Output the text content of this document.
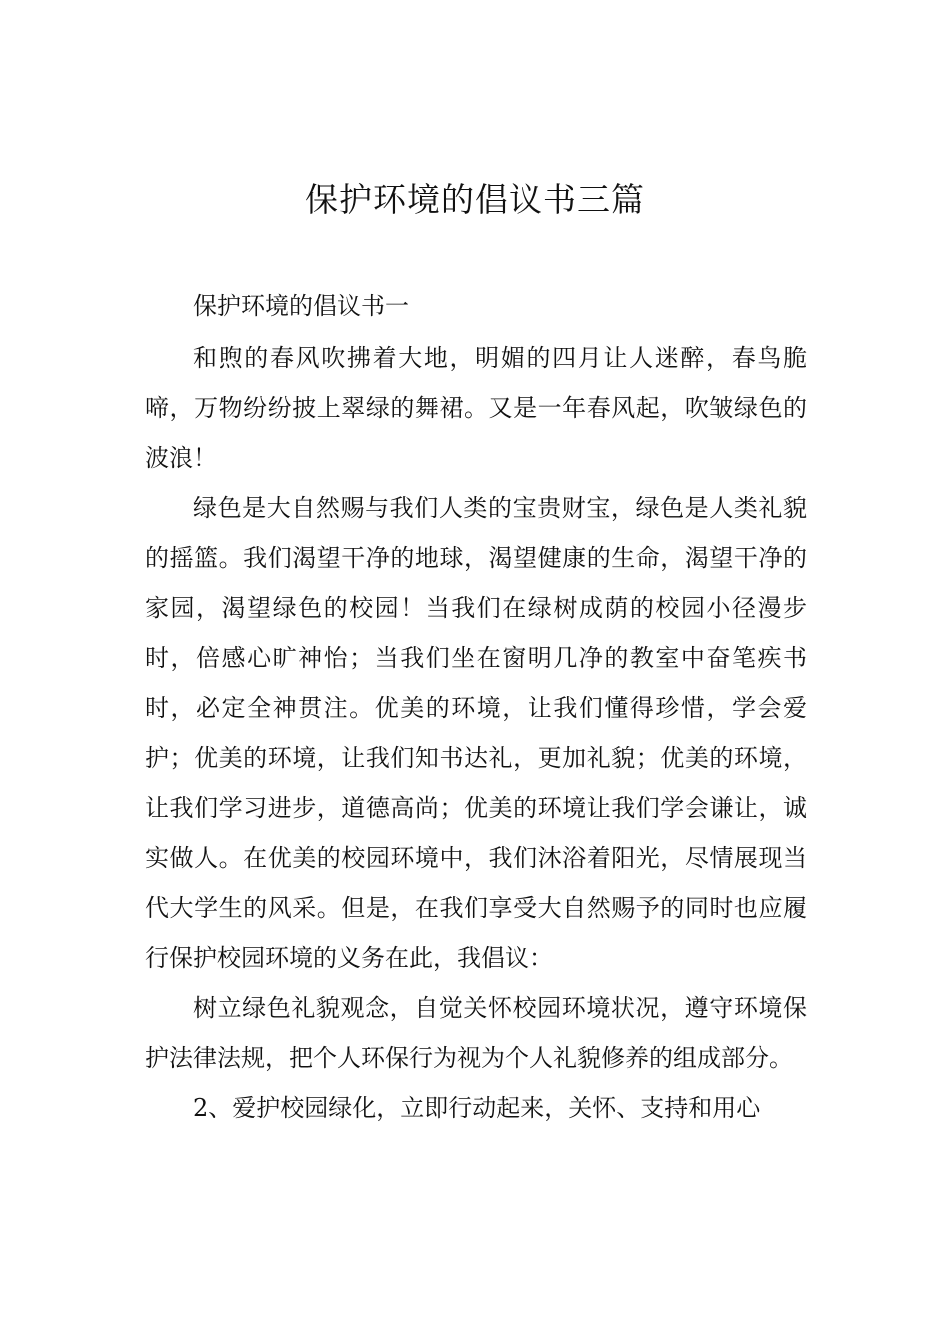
保护环境的倡议书三篇

保护环境的倡议书一

和煦的春风吹拂着大地，明媚的四月让人迷醉，春鸟脆啼，万物纷纷披上翠绿的舞裙。又是一年春风起，吹皱绿色的波浪！

绿色是大自然赐与我们人类的宝贵财宝，绿色是人类礼貌的摇篮。我们渴望干净的地球，渴望健康的生命，渴望干净的家园，渴望绿色的校园！当我们在绿树成荫的校园小径漫步时，倍感心旷神怡；当我们坐在窗明几净的教室中奋笔疾书时，必定全神贯注。优美的环境，让我们懂得珍惜，学会爱护；优美的环境，让我们知书达礼，更加礼貌；优美的环境，让我们学习进步，道德高尚；优美的环境让我们学会谦让，诚实做人。在优美的校园环境中，我们沐浴着阳光，尽情展现当代大学生的风采。但是，在我们享受大自然赐予的同时也应履行保护校园环境的义务在此，我倡议：

树立绿色礼貌观念，自觉关怀校园环境状况，遵守环境保护法律法规，把个人环保行为视为个人礼貌修养的组成部分。

2、爱护校园绿化，立即行动起来，关怀、支持和用心
